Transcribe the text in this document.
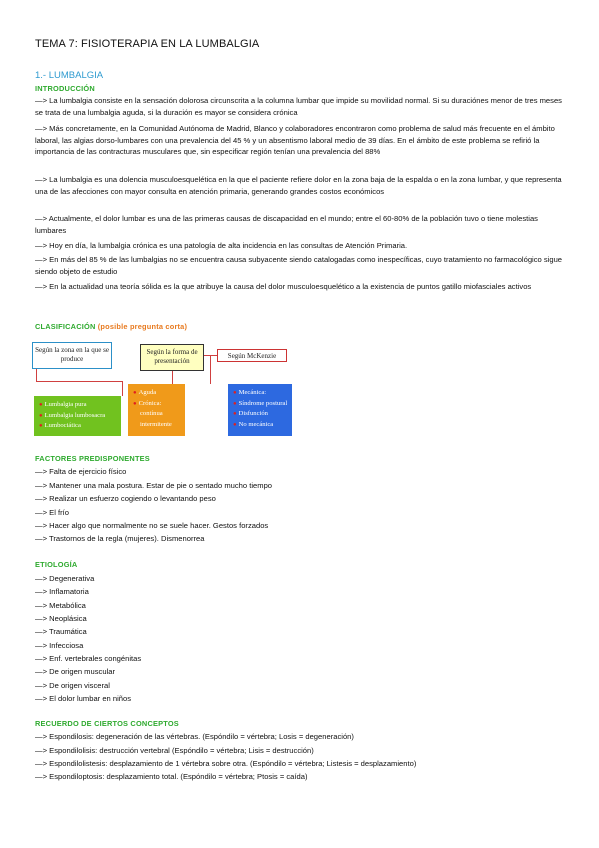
TEMA 7: FISIOTERAPIA EN LA LUMBALGIA
1.- LUMBALGIA
INTRODUCCIÓN
—> La lumbalgia consiste en la sensación dolorosa circunscrita a la columna lumbar que impide su movilidad normal. Si su duraciónes menor de tres meses se trata de una lumbalgia aguda, si la duración es mayor se considera crónica
—> Más concretamente, en la Comunidad Autónoma de Madrid, Blanco y colaboradores encontraron como problema de salud más frecuente en el ámbito laboral, las algias dorso-lumbares con una prevalencia del 45 % y un absentismo laboral medio de 39 días. En el ámbito de este problema se refirió la importancia de las contracturas musculares que, sin especificar región tenían una prevalencia del 88%
—> La lumbalgia es una dolencia musculoesquelética en la que el paciente refiere dolor en la zona baja de la espalda o en la zona lumbar, y que representa una de las afecciones con mayor consulta en atención primaria, generando grandes costos económicos
—> Actualmente, el dolor lumbar es una de las primeras causas de discapacidad en el mundo; entre el 60-80% de la población tuvo o tiene molestias lumbares
—> Hoy en día, la lumbalgia crónica es una patología de alta incidencia en las consultas de Atención Primaria.
—> En más del 85 % de las lumbalgias no se encuentra causa subyacente siendo catalogadas como inespecíficas, cuyo tratamiento no farmacológico sigue siendo objeto de estudio
—> En la actualidad una teoría sólida es la que atribuye la causa del dolor musculoesquelético a la existencia de puntos gatillo miofasciales activos
CLASIFICACIÓN (posible pregunta corta)
FACTORES PREDISPONENTES
—> Falta de ejercicio físico
—> Mantener una mala postura. Estar de pie o sentado mucho tiempo
—> Realizar un esfuerzo cogiendo o levantando peso
—> El frío
—> Hacer algo que normalmente no se suele hacer. Gestos forzados
—> Trastornos de la regla (mujeres). Dismenorrea
ETIOLOGÍA
—> Degenerativa
—> Inflamatoria
—> Metabólica
—> Neoplásica
—> Traumática
—> Infecciosa
—> Enf. vertebrales congénitas
—> De origen muscular
—> De origen visceral
—> El dolor lumbar en niños
RECUERDO DE CIERTOS CONCEPTOS
—> Espondilosis: degeneración de las vértebras. (Espóndilo = vértebra; Losis = degeneración)
—> Espondilolisis: destrucción vertebral (Espóndilo = vértebra; Lisis = destrucción)
—> Espondilolistesis: desplazamiento de 1 vértebra sobre otra. (Espóndilo = vértebra; Listesis = desplazamiento)
—> Espondiloptosis: desplazamiento total. (Espóndilo = vértebra; Ptosis = caída)
Según la zona en la que se produce
Según la forma de presentación
Según McKenzie
● Lumbalgia pura
● Lumbalgia lumbosacra
● Lumbociática
● Aguda
● Crónica:
contínua
intermitente
● Mecánica:
● Síndrome postural
● Disfunción
● No mecánica
